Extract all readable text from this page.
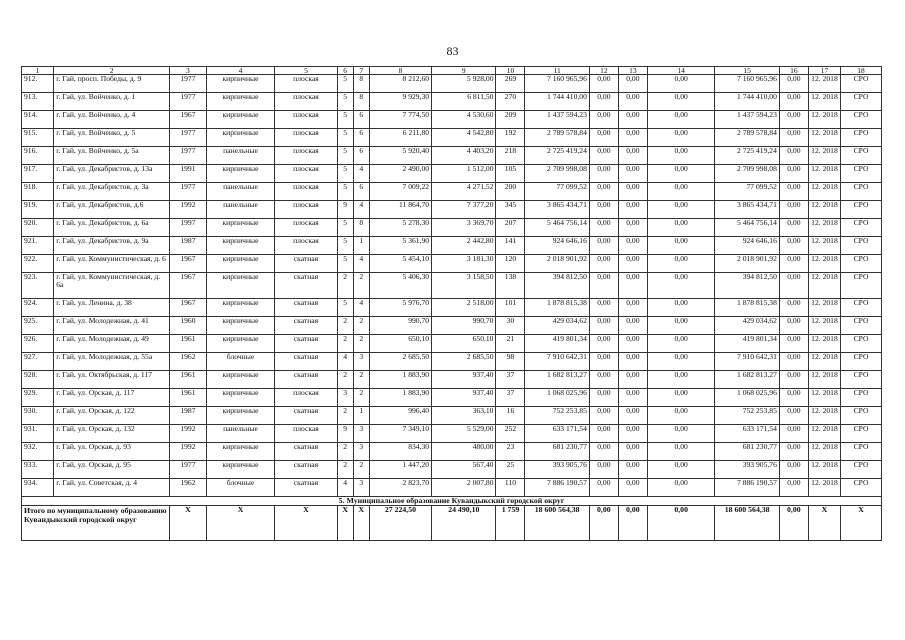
83
1	2	3	4	5	6	7	8	9	10	11	12	13	14	15	16	17	18
912.	г. Гай, просп. Победы, д. 9	1977	кирпичные	плоская	5	8	8 212,60	5 928,00	269	7 160 965,96	0,00	0,00	0,00	7 160 965,96	0,00	12. 2018	СРО
913.	г. Гай, ул. Войченко, д. 1	1977	кирпичные	плоская	5	8	9 929,30	6 811,50	270	1 744 410,00	0,00	0,00	0,00	1 744 410,00	0,00	12. 2018	СРО
914.	г. Гай, ул. Войченко, д. 4	1967	кирпичные	плоская	5	6	7 774,50	4 530,60	209	1 437 594,23	0,00	0,00	0,00	1 437 594,23	0,00	12. 2018	СРО
915.	г. Гай, ул. Войченко, д. 5	1977	кирпичные	плоская	5	6	6 211,80	4 542,80	192	2 789 578,84	0,00	0,00	0,00	2 789 578,84	0,00	12. 2018	СРО
916.	г. Гай, ул. Войченко, д. 5а	1977	панельные	плоская	5	6	5 920,40	4 403,20	218	2 725 419,24	0,00	0,00	0,00	2 725 419,24	0,00	12. 2018	СРО
917.	г. Гай, ул. Декабристов, д. 13а	1991	кирпичные	плоская	5	4	2 490,00	1 512,00	105	2 709 998,08	0,00	0,00	0,00	2 709 998,08	0,00	12. 2018	СРО
918.	г. Гай, ул. Декабристов, д. 3а	1977	панельные	плоская	5	6	7 009,22	4 271,52	200	77 099,52	0,00	0,00	0,00	77 099,52	0,00	12. 2018	СРО
919.	г. Гай, ул. Декабристов, д.6	1992	панельные	плоская	9	4	11 864,70	7 377,20	345	3 865 434,71	0,00	0,00	0,00	3 865 434,71	0,00	12. 2018	СРО
920.	г. Гай, ул. Декабристов, д. 6а	1997	кирпичные	плоская	5	8	5 278,30	3 369,70	207	5 464 756,14	0,00	0,00	0,00	5 464 756,14	0,00	12. 2018	СРО
921.	г. Гай, ул. Декабристов, д. 9а	1987	кирпичные	плоская	5	1	5 361,90	2 442,80	141	924 646,16	0,00	0,00	0,00	924 646,16	0,00	12. 2018	СРО
922.	г. Гай, ул. Коммунистическая, д. 6	1967	кирпичные	скатная	5	4	5 454,10	3 181,30	120	2 018 901,92	0,00	0,00	0,00	2 018 901,92	0,00	12. 2018	СРО
923.	г. Гай, ул. Коммунистическая, д. 6а	1967	кирпичные	скатная	2	2	5 406,30	3 158,50	138	394 812,50	0,00	0,00	0,00	394 812,50	0,00	12. 2018	СРО
924.	г. Гай, ул. Ленина, д. 38	1967	кирпичные	скатная	5	4	5 976,70	2 518,00	101	1 878 815,38	0,00	0,00	0,00	1 878 815,38	0,00	12. 2018	СРО
925.	г. Гай, ул. Молодежная, д. 41	1960	кирпичные	скатная	2	2	990,70	990,70	30	429 034,62	0,00	0,00	0,00	429 034,62	0,00	12. 2018	СРО
926.	г. Гай, ул. Молодежная, д. 49	1961	кирпичные	скатная	2	2	650,10	650,10	21	419 801,34	0,00	0,00	0,00	419 801,34	0,00	12. 2018	СРО
927.	г. Гай, ул. Молодежная, д. 55а	1962	блочные	скатная	4	3	2 685,50	2 685,50	98	7 910 642,31	0,00	0,00	0,00	7 910 642,31	0,00	12. 2018	СРО
928.	г. Гай, ул. Октябрьская, д. 117	1961	кирпичные	скатная	2	2	1 883,90	937,40	37	1 682 813,27	0,00	0,00	0,00	1 682 813,27	0,00	12. 2018	СРО
929.	г. Гай, ул. Орская, д. 117	1961	кирпичные	плоская	3	2	1 883,90	937,40	37	1 068 025,96	0,00	0,00	0,00	1 068 025,96	0,00	12. 2018	СРО
930.	г. Гай, ул. Орская, д. 122	1987	кирпичные	скатная	2	1	996,40	363,10	16	752 253,85	0,00	0,00	0,00	752 253,85	0,00	12. 2018	СРО
931.	г. Гай, ул. Орская, д. 132	1992	панельные	плоская	9	3	7 349,10	5 529,00	252	633 171,54	0,00	0,00	0,00	633 171,54	0,00	12. 2018	СРО
932.	г. Гай, ул. Орская, д. 93	1992	кирпичные	скатная	2	3	834,30	480,00	23	681 230,77	0,00	0,00	0,00	681 230,77	0,00	12. 2018	СРО
933.	г. Гай, ул. Орская, д. 95	1977	кирпичные	скатная	2	2	1 447,20	567,40	25	393 905,76	0,00	0,00	0,00	393 905,76	0,00	12. 2018	СРО
934.	г. Гай, ул. Советская, д. 4	1962	блочные	скатная	4	3	2 823,70	2 007,80	110	7 886 190,57	0,00	0,00	0,00	7 886 190,57	0,00	12. 2018	СРО
5. Муниципальное образование Кувандыкский городской округ																	
Итого по муниципальному образованию Кувандыкский городской округ		X	X	X	X	X	27 224,50	24 490,10	1 759	18 600 564,38	0,00	0,00	0,00	18 600 564,38	0,00	X	X
